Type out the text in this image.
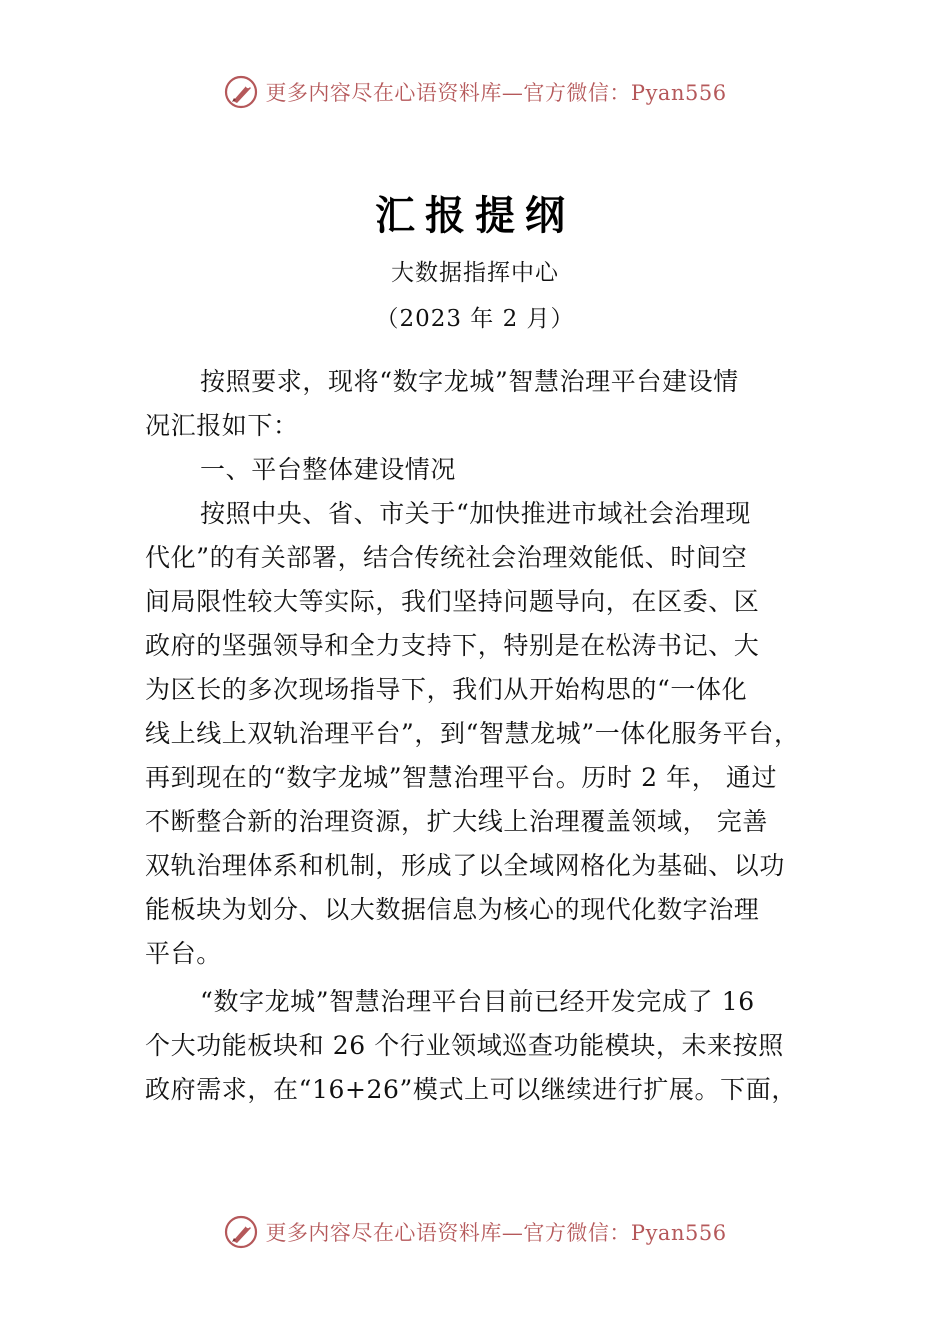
更多内容尽在心语资料库—官方微信：Pyan556
汇报提纲
大数据指挥中心
（2023 年 2 月）
按照要求，现将“数字龙城”智慧治理平台建设情
况汇报如下：
一、平台整体建设情况
按照中央、省、市关于“加快推进市域社会治理现
代化”的有关部署，结合传统社会治理效能低、时间空
间局限性较大等实际，我们坚持问题导向，在区委、区
政府的坚强领导和全力支持下，特别是在松涛书记、大
为区长的多次现场指导下，我们从开始构思的“一体化
线上线上双轨治理平台”，到“智慧龙城”一体化服务平台，
再到现在的“数字龙城”智慧治理平台。历时 2 年， 通过
不断整合新的治理资源，扩大线上治理覆盖领域， 完善
双轨治理体系和机制，形成了以全域网格化为基础、以功
能板块为划分、以大数据信息为核心的现代化数字治理
平台。
“数字龙城”智慧治理平台目前已经开发完成了 16
个大功能板块和 26 个行业领域巡查功能模块，未来按照
政府需求，在“16+26”模式上可以继续进行扩展。下面，
更多内容尽在心语资料库—官方微信：Pyan556
